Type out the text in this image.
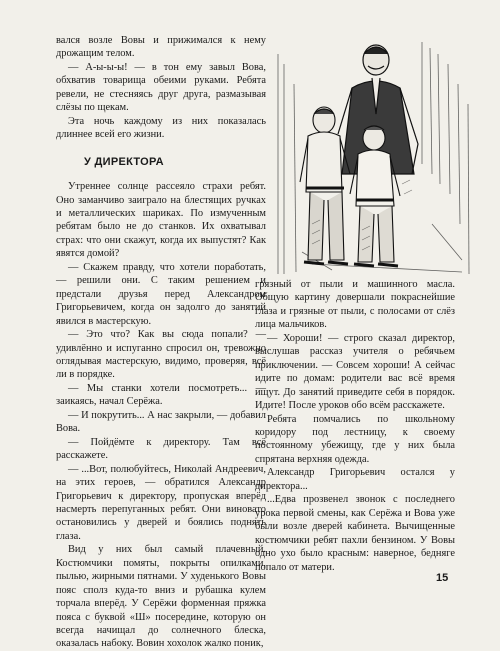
вался возле Вовы и прижимался к нему дрожащим телом.

— А-ы-ы-ы! — в тон ему завыл Вова, обхватив товарища обеими руками. Ребята ревели, не стесняясь друг друга, размазывая слёзы по щекам.

Эта ночь каждому из них показалась длиннее всей его жизни.

У ДИРЕКТОРА

Утреннее солнце рассеяло страхи ребят. Оно заманчиво заиграло на блестящих ручках и металлических шариках. По измученным ребятам было не до станков. Их охватывал страх: что они скажут, когда их выпустят? Как явятся домой?

— Скажем правду, что хотели поработать, — решили они. С таким решением и предстали друзья перед Александром Григорьевичем, когда он задолго до занятий явился в мастерскую.

— Это что? Как вы сюда попали? — удивлённо и испуганно спросил он, тревожно оглядывая мастерскую, видимо, проверяя, всё ли в порядке.

— Мы станки хотели посмотреть... — заикаясь, начал Серёжа.

— И покрутить... А нас закрыли, — добавил Вова.

— Пойдёмте к директору. Там всё расскажете.

— ...Вот, полюбуйтесь, Николай Андреевич, на этих героев, — обратился Александр Григорьевич к директору, пропуская вперёд насмерть перепуганных ребят. Они виновато остановились у дверей и боялись поднять глаза.

Вид у них был самый плачевный. Костюмчики помяты, покрыты опилками, пылью, жирными пятнами. У худенького Вовы пояс сполз куда-то вниз и рубашка кулем торчала вперёд. У Серёжи форменная пряжка пояса с буквой «Ш» посередине, которую он всегда начищал до солнечного блеска, оказалась набоку. Вовин хохолок жалко поник,

грязный от пыли и машинного масла. Общую картину довершали покраснейшие глаза и грязные от пыли, с полосами от слёз лица мальчиков.

— Хороши! — строго сказал директор, выслушав рассказ учителя о ребячьем приключении. — Совсем хороши! А сейчас идите по домам: родители вас всё время ищут. До занятий приведите себя в порядок. Идите! После уроков обо всём расскажете.

Ребята помчались по школьному коридору под лестницу, к своему постоянному убежищу, где у них была спрятана верхняя одежда.

Александр Григорьевич остался у директора...

...Едва прозвенел звонок с последнего урока первой смены, как Серёжа и Вова уже были возле дверей кабинета. Вычищенные костюмчики ребят пахли бензином. У Вовы одно ухо было красным: наверное, бедняге попало от матери.

15
